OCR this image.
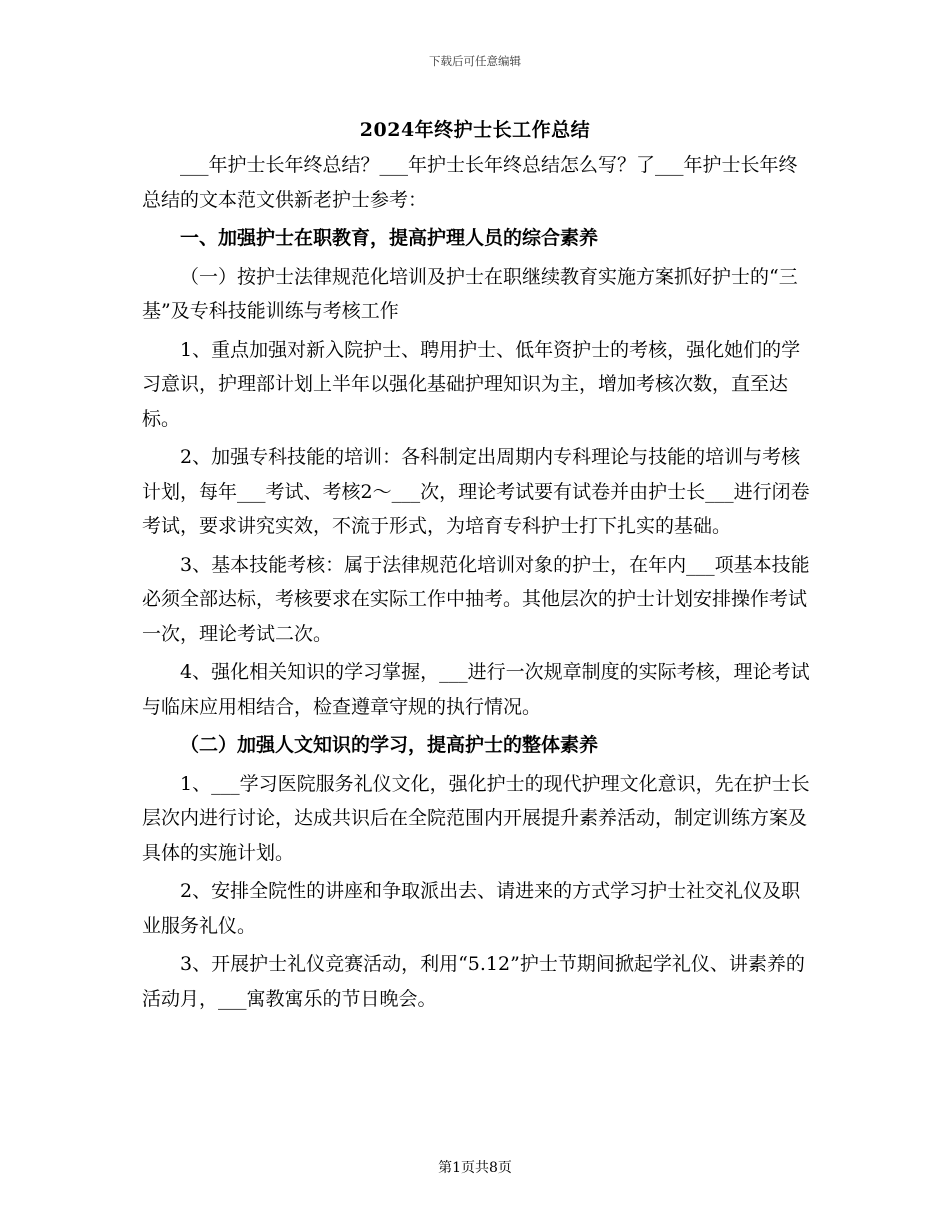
下载后可任意编辑
2024年终护士长工作总结

___年护士长年终总结？___年护士长年终总结怎么写？了___年护士长年终总结的文本范文供新老护士参考：

一、加强护士在职教育，提高护理人员的综合素养

（一）按护士法律规范化培训及护士在职继续教育实施方案抓好护士的“三基”及专科技能训练与考核工作

1、重点加强对新入院护士、聘用护士、低年资护士的考核，强化她们的学习意识，护理部计划上半年以强化基础护理知识为主，增加考核次数，直至达标。

2、加强专科技能的培训：各科制定出周期内专科理论与技能的培训与考核计划，每年___考试、考核2～___次，理论考试要有试卷并由护士长___进行闭卷考试，要求讲究实效，不流于形式，为培育专科护士打下扎实的基础。

3、基本技能考核：属于法律规范化培训对象的护士，在年内___项基本技能必须全部达标，考核要求在实际工作中抽考。其他层次的护士计划安排操作考试一次，理论考试二次。

4、强化相关知识的学习掌握，___进行一次规章制度的实际考核，理论考试与临床应用相结合，检查遵章守规的执行情况。

（二）加强人文知识的学习，提高护士的整体素养

1、___学习医院服务礼仪文化，强化护士的现代护理文化意识，先在护士长层次内进行讨论，达成共识后在全院范围内开展提升素养活动，制定训练方案及具体的实施计划。

2、安排全院性的讲座和争取派出去、请进来的方式学习护士社交礼仪及职业服务礼仪。

3、开展护士礼仪竞赛活动，利用“5.12”护士节期间掀起学礼仪、讲素养的活动月，___寓教寓乐的节日晚会。

第1页共8页
